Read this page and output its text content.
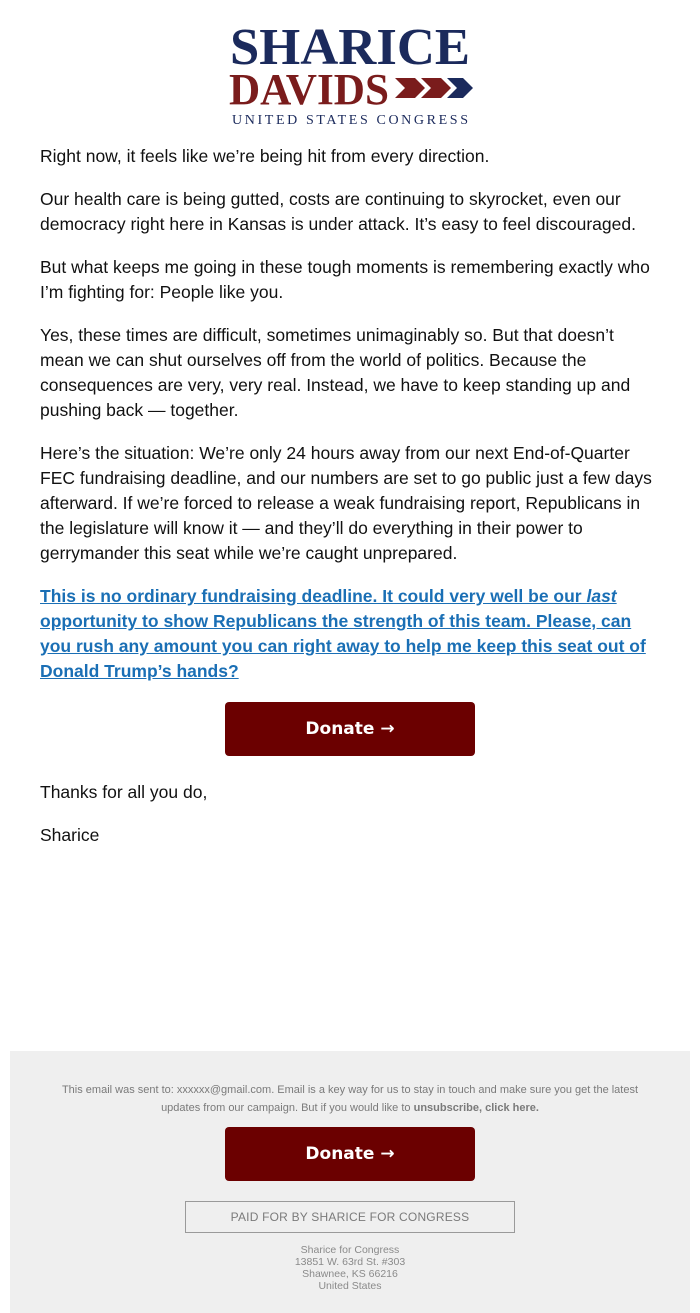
SHARICE
DAVIDS
UNITED STATES CONGRESS

Right now, it feels like we’re being hit from every direction.

Our health care is being gutted, costs are continuing to skyrocket, even our democracy right here in Kansas is under attack. It’s easy to feel discouraged.

But what keeps me going in these tough moments is remembering exactly who I’m fighting for: People like you.

Yes, these times are difficult, sometimes unimaginably so. But that doesn’t mean we can shut ourselves off from the world of politics. Because the consequences are very, very real. Instead, we have to keep standing up and pushing back — together.

Here’s the situation: We’re only 24 hours away from our next End-of-Quarter FEC fundraising deadline, and our numbers are set to go public just a few days afterward. If we’re forced to release a weak fundraising report, Republicans in the legislature will know it — and they’ll do everything in their power to gerrymander this seat while we’re caught unprepared.

This is no ordinary fundraising deadline. It could very well be our last opportunity to show Republicans the strength of this team. Please, can you rush any amount you can right away to help me keep this seat out of Donald Trump’s hands?

Donate →

Thanks for all you do,

Sharice

This email was sent to: xxxxxx@gmail.com. Email is a key way for us to stay in touch and make sure you get the latest updates from our campaign. But if you would like to unsubscribe, click here.
Donate →
PAID FOR BY SHARICE FOR CONGRESS
Sharice for Congress
13851 W. 63rd St. #303
Shawnee, KS 66216
United States
